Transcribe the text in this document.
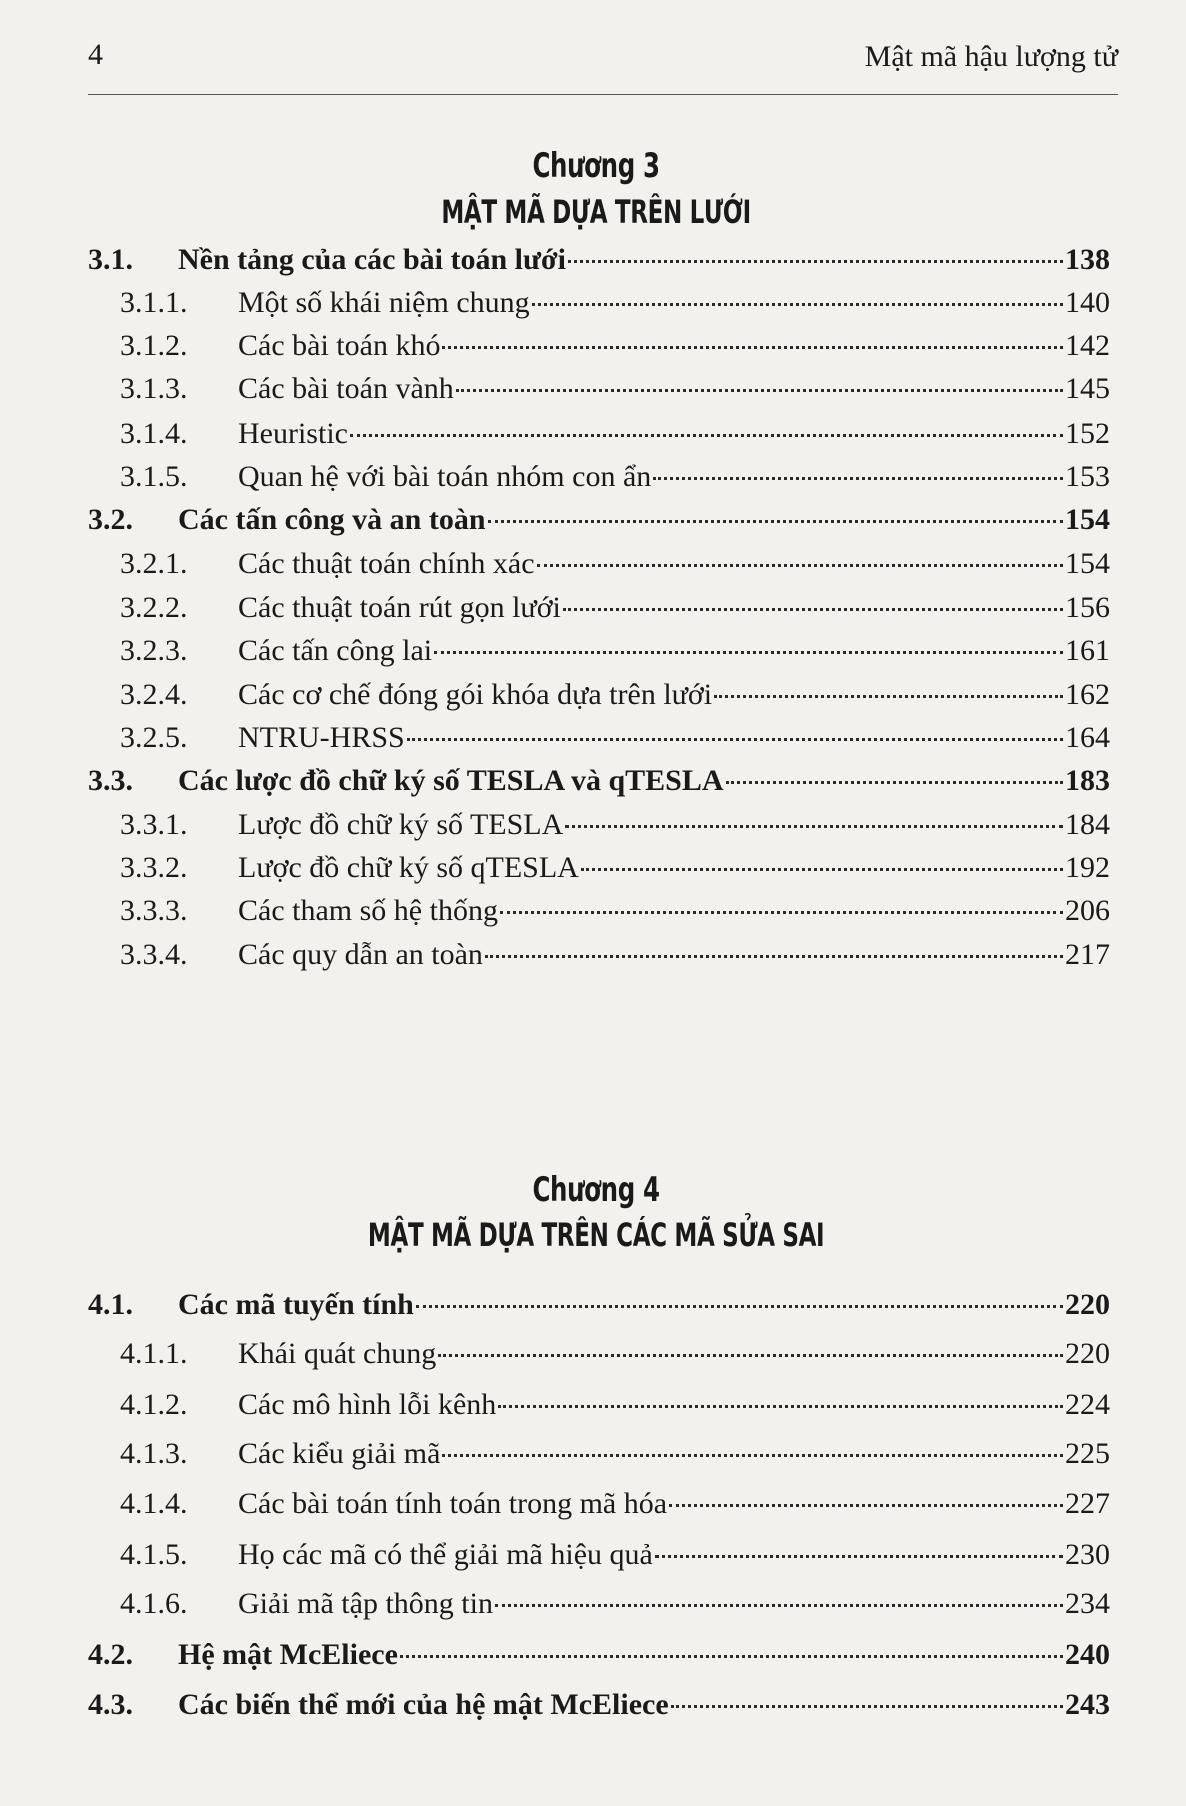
4	Mật mã hậu lượng tử
Chương 3
MẬT MÃ DỰA TRÊN LƯỚI
3.1. Nền tảng của các bài toán lưới	138
3.1.1. Một số khái niệm chung	140
3.1.2. Các bài toán khó	142
3.1.3. Các bài toán vành	145
3.1.4. Heuristic	152
3.1.5. Quan hệ với bài toán nhóm con ẩn	153
3.2. Các tấn công và an toàn	154
3.2.1. Các thuật toán chính xác	154
3.2.2. Các thuật toán rút gọn lưới	156
3.2.3. Các tấn công lai	161
3.2.4. Các cơ chế đóng gói khóa dựa trên lưới	162
3.2.5. NTRU-HRSS	164
3.3. Các lược đồ chữ ký số TESLA và qTESLA	183
3.3.1. Lược đồ chữ ký số TESLA	184
3.3.2. Lược đồ chữ ký số qTESLA	192
3.3.3. Các tham số hệ thống	206
3.3.4. Các quy dẫn an toàn	217
Chương 4
MẬT MÃ DỰA TRÊN CÁC MÃ SỬA SAI
4.1. Các mã tuyến tính	220
4.1.1. Khái quát chung	220
4.1.2. Các mô hình lỗi kênh	224
4.1.3. Các kiểu giải mã	225
4.1.4. Các bài toán tính toán trong mã hóa	227
4.1.5. Họ các mã có thể giải mã hiệu quả	230
4.1.6. Giải mã tập thông tin	234
4.2. Hệ mật McEliece	240
4.3. Các biến thể mới của hệ mật McEliece	243
